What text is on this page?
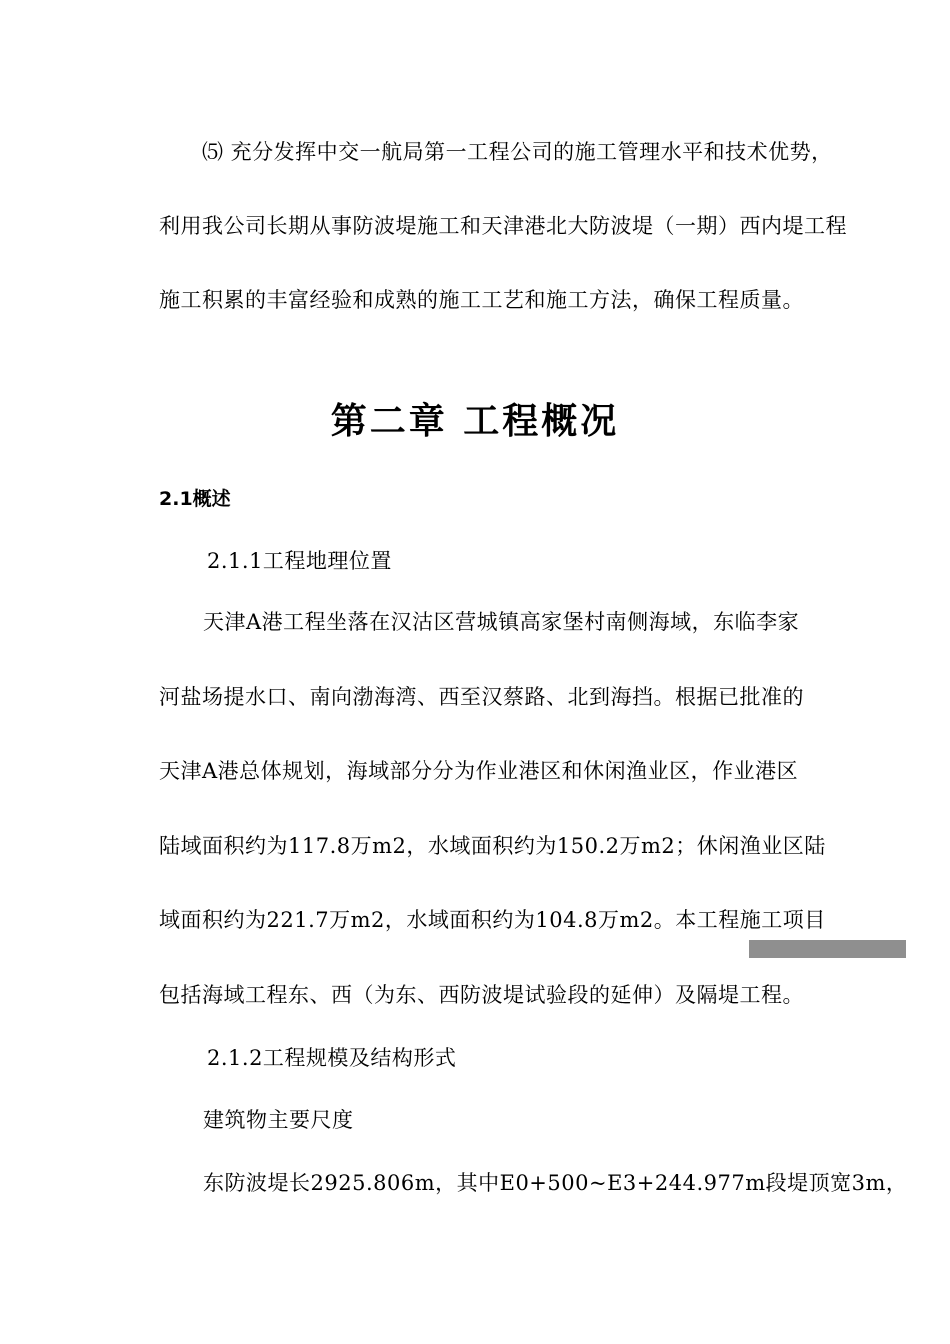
⑸ 充分发挥中交一航局第一工程公司的施工管理水平和技术优势，
利用我公司长期从事防波堤施工和天津港北大防波堤（一期）西内堤工程
施工积累的丰富经验和成熟的施工工艺和施工方法，确保工程质量。
第二章 工程概况
2.1概述
2.1.1工程地理位置
天津A港工程坐落在汉沽区营城镇高家堡村南侧海域，东临李家
河盐场提水口、南向渤海湾、西至汉蔡路、北到海挡。根据已批准的
天津A港总体规划，海域部分分为作业港区和休闲渔业区，作业港区
陆域面积约为117.8万m2，水域面积约为150.2万m2；休闲渔业区陆
域面积约为221.7万m2，水域面积约为104.8万m2。本工程施工项目
包括海域工程东、西（为东、西防波堤试验段的延伸）及隔堤工程。
2.1.2工程规模及结构形式
建筑物主要尺度
东防波堤长2925.806m，其中E0+500~E3+244.977m段堤顶宽3m，
